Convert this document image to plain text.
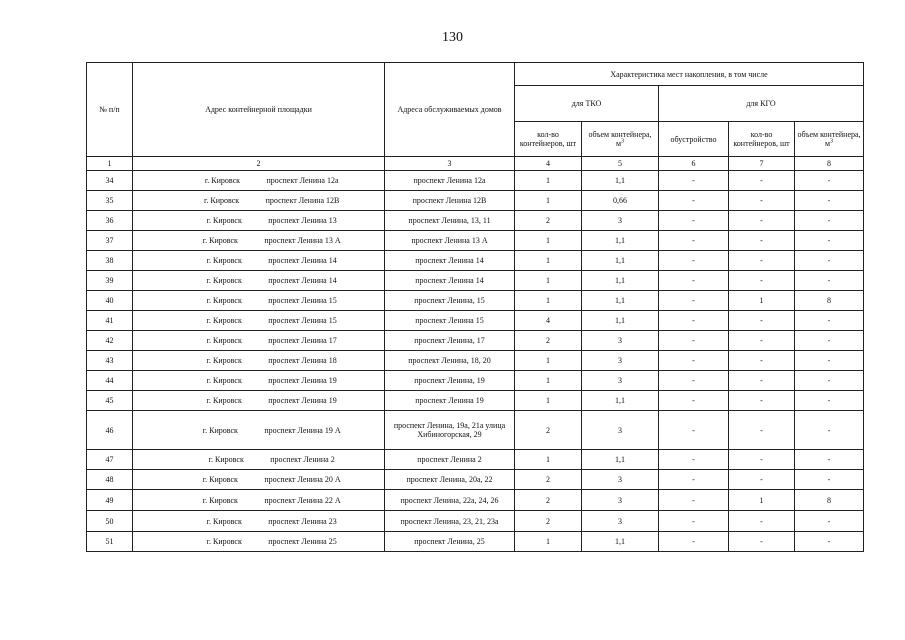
130
№ п/п	Адрес контейнерной площадки	Адреса обслуживаемых домов	Характеристика мест накопления, в том числе				
			для ТКО		для КГО		
			кол-во контейнеров, шт	объем контейнера, $м^3$	обустройство	кол-во контейнеров, шт	объем контейнера, $м^3$
1	2	3	4	5	6	7	8
34	г. Кировск проспект Ленина 12а	проспект Ленина 12а	1	1,1	-	-	-
35	г. Кировск проспект Ленина 12В	проспект Ленина 12В	1	0,66	-	-	-
36	г. Кировск проспект Ленина 13	проспект Ленина, 13, 11	2	3	-	-	-
37	г. Кировск проспект Ленина 13 А	проспект Ленина 13 А	1	1,1	-	-	-
38	г. Кировск проспект Ленина 14	проспект Ленина 14	1	1,1	-	-	-
39	г. Кировск проспект Ленина 14	проспект Ленина 14	1	1,1	-	-	-
40	г. Кировск проспект Ленина 15	проспект Ленина, 15	1	1,1	-	1	8
41	г. Кировск проспект Ленина 15	проспект Ленина 15	4	1,1	-	-	-
42	г. Кировск проспект Ленина 17	проспект Ленина, 17	2	3	-	-	-
43	г. Кировск проспект Ленина 18	проспект Ленина, 18, 20	1	3	-	-	-
44	г. Кировск проспект Ленина 19	проспект Ленина, 19	1	3	-	-	-
45	г. Кировск проспект Ленина 19	проспект Ленина 19	1	1,1	-	-	-
46	г. Кировск проспект Ленина 19 А	проспект Ленина, 19а, 21а улица Хибиногорская, 29	2	3	-	-	-
47	г. Кировск проспект Ленина 2	проспект Ленина 2	1	1,1	-	-	-
48	г. Кировск проспект Ленина 20 А	проспект Ленина, 20а, 22	2	3	-	-	-
49	г. Кировск проспект Ленина 22 А	проспект Ленина, 22а, 24, 26	2	3	-	1	8
50	г. Кировск проспект Ленина 23	проспект Ленина, 23, 21, 23а	2	3	-	-	-
51	г. Кировск проспект Ленина 25	проспект Ленина, 25	1	1,1	-	-	-
